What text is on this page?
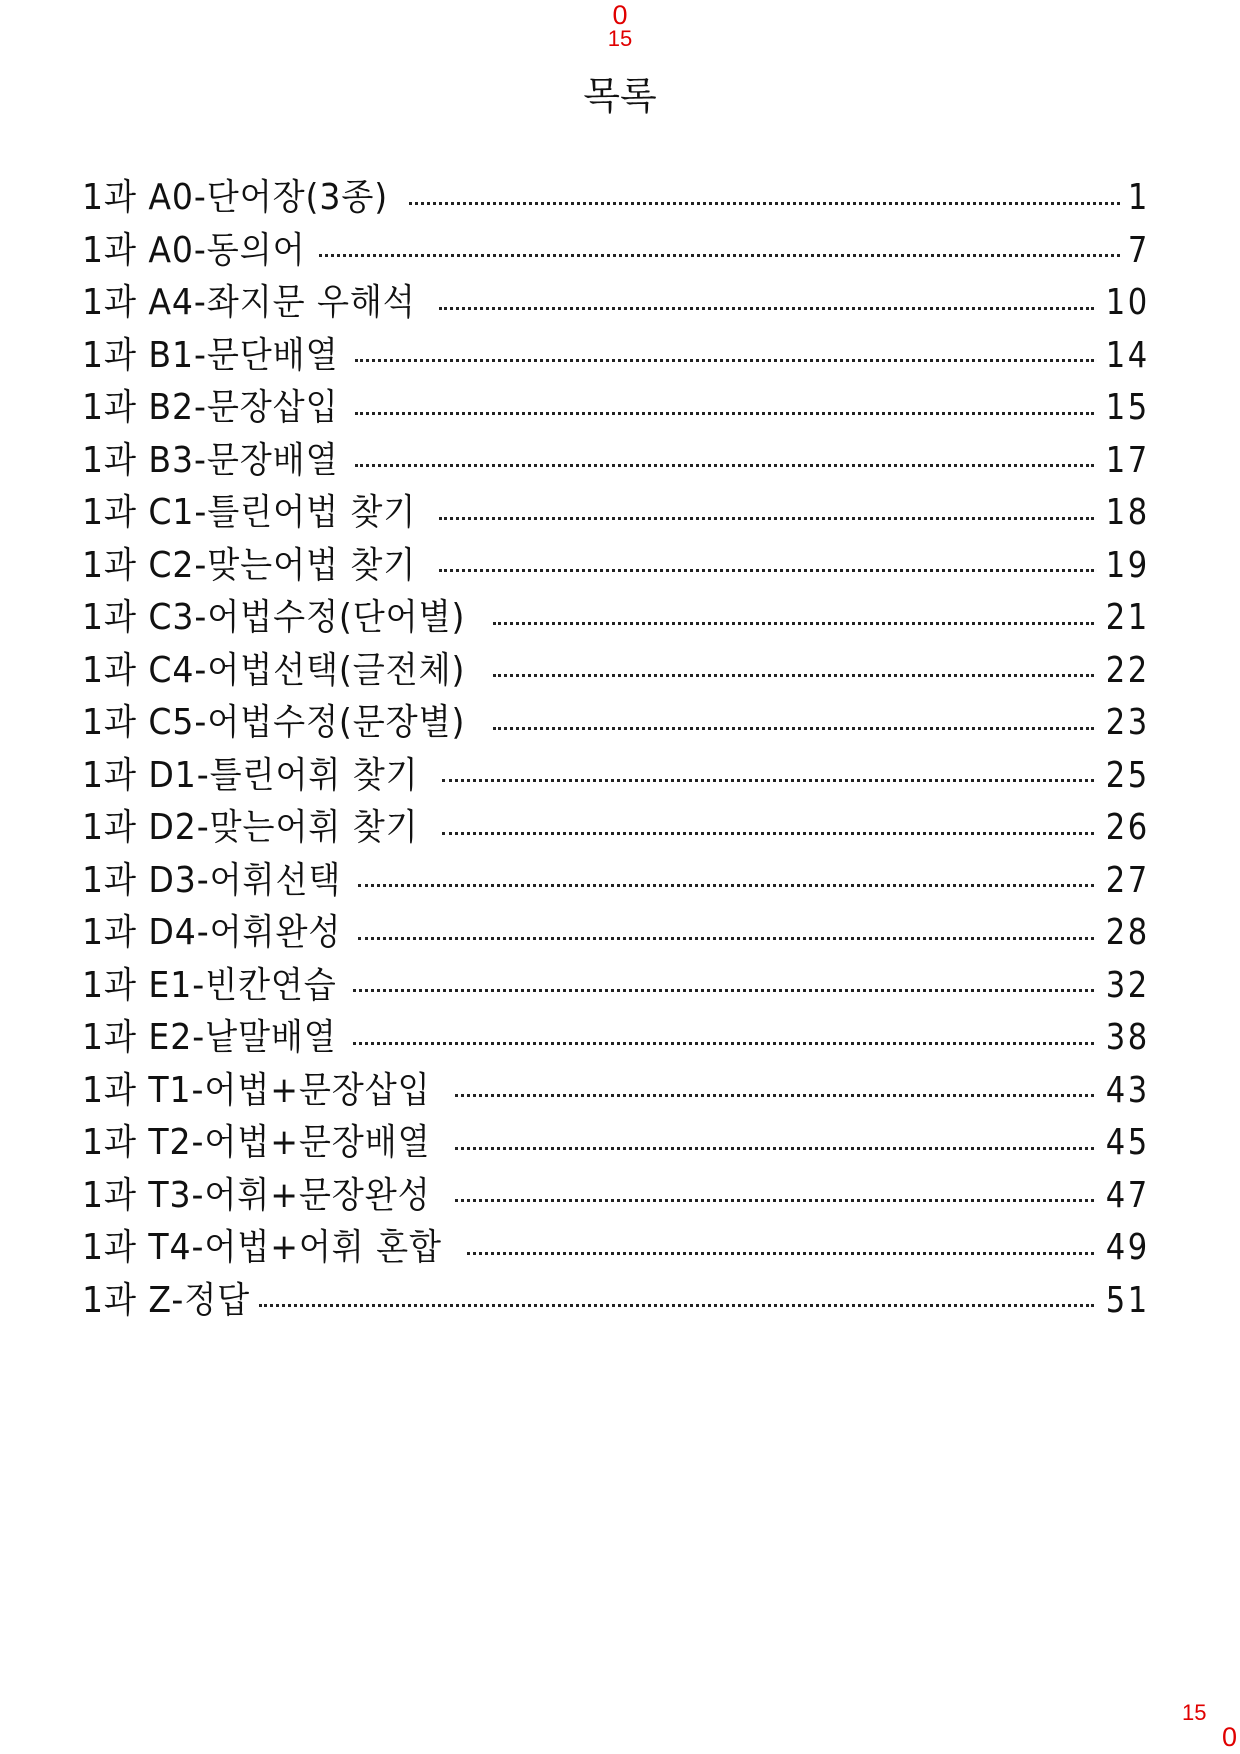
0
15
목록
1과 A0-단어장(3종)	1
1과 A0-동의어	7
1과 A4-좌지문 우해석	10
1과 B1-문단배열	14
1과 B2-문장삽입	15
1과 B3-문장배열	17
1과 C1-틀린어법 찾기	18
1과 C2-맞는어법 찾기	19
1과 C3-어법수정(단어별)	21
1과 C4-어법선택(글전체)	22
1과 C5-어법수정(문장별)	23
1과 D1-틀린어휘 찾기	25
1과 D2-맞는어휘 찾기	26
1과 D3-어휘선택	27
1과 D4-어휘완성	28
1과 E1-빈칸연습	32
1과 E2-낱말배열	38
1과 T1-어법+문장삽입	43
1과 T2-어법+문장배열	45
1과 T3-어휘+문장완성	47
1과 T4-어법+어휘 혼합	49
1과 Z-정답	51
15
0
